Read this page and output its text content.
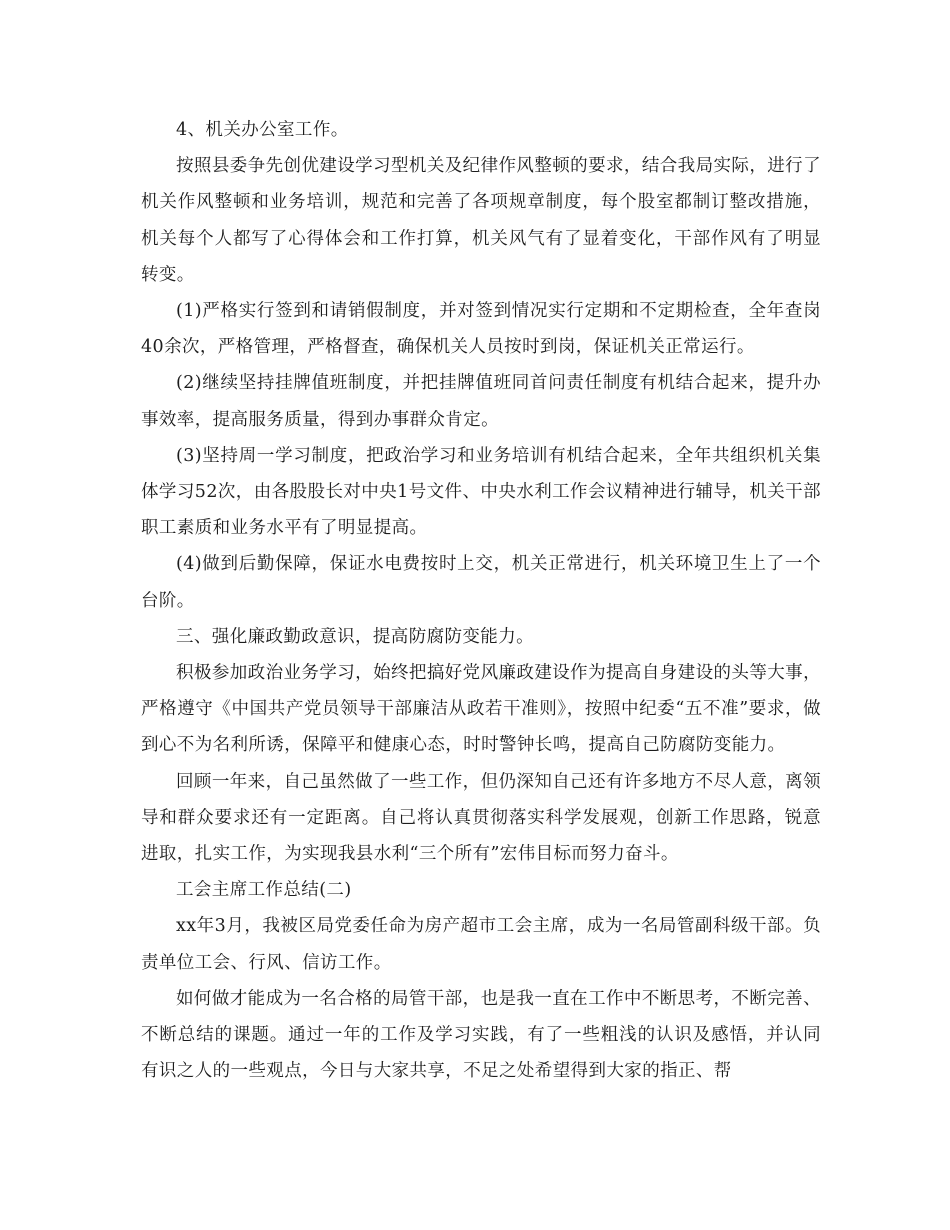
4、机关办公室工作。

按照县委争先创优建设学习型机关及纪律作风整顿的要求，结合我局实际，进行了机关作风整顿和业务培训，规范和完善了各项规章制度，每个股室都制订整改措施，机关每个人都写了心得体会和工作打算，机关风气有了显着变化，干部作风有了明显转变。

(1)严格实行签到和请销假制度，并对签到情况实行定期和不定期检查，全年查岗40余次，严格管理，严格督查，确保机关人员按时到岗，保证机关正常运行。

(2)继续坚持挂牌值班制度，并把挂牌值班同首问责任制度有机结合起来，提升办事效率，提高服务质量，得到办事群众肯定。

(3)坚持周一学习制度，把政治学习和业务培训有机结合起来，全年共组织机关集体学习52次，由各股股长对中央1号文件、中央水利工作会议精神进行辅导，机关干部职工素质和业务水平有了明显提高。

(4)做到后勤保障，保证水电费按时上交，机关正常进行，机关环境卫生上了一个台阶。

三、强化廉政勤政意识，提高防腐防变能力。

积极参加政治业务学习，始终把搞好党风廉政建设作为提高自身建设的头等大事，严格遵守《中国共产党员领导干部廉洁从政若干准则》，按照中纪委“五不准”要求，做到心不为名利所诱，保障平和健康心态，时时警钟长鸣，提高自己防腐防变能力。

回顾一年来，自己虽然做了一些工作，但仍深知自己还有许多地方不尽人意，离领导和群众要求还有一定距离。自己将认真贯彻落实科学发展观，创新工作思路，锐意进取，扎实工作，为实现我县水利“三个所有”宏伟目标而努力奋斗。

工会主席工作总结(二)

xx年3月，我被区局党委任命为房产超市工会主席，成为一名局管副科级干部。负责单位工会、行风、信访工作。

如何做才能成为一名合格的局管干部，也是我一直在工作中不断思考，不断完善、不断总结的课题。通过一年的工作及学习实践，有了一些粗浅的认识及感悟，并认同有识之人的一些观点，今日与大家共享，不足之处希望得到大家的指正、帮
